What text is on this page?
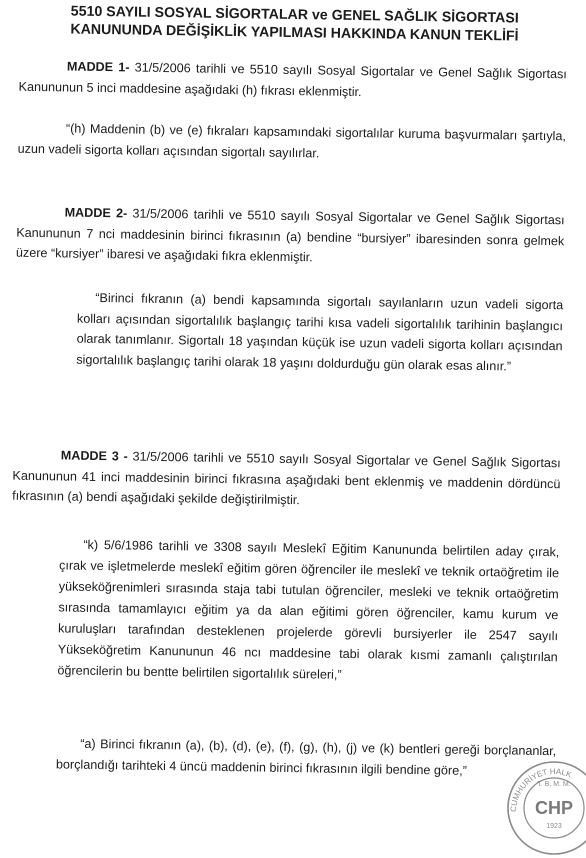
5510 SAYILI SOSYAL SİGORTALAR ve GENEL SAĞLIK SİGORTASI
KANUNUNDA DEĞİŞİKLİK YAPILMASI HAKKINDA KANUN TEKLİFİ
MADDE 1- 31/5/2006 tarihli ve 5510 sayılı Sosyal Sigortalar ve Genel Sağlık Sigortası Kanununun 5 inci maddesine aşağıdaki (h) fıkrası eklenmiştir.
“(h) Maddenin (b) ve (e) fıkraları kapsamındaki sigortalılar kuruma başvurmaları şartıyla, uzun vadeli sigorta kolları açısından sigortalı sayılırlar.
MADDE 2- 31/5/2006 tarihli ve 5510 sayılı Sosyal Sigortalar ve Genel Sağlık Sigortası Kanununun 7 nci maddesinin birinci fıkrasının (a) bendine “bursiyer” ibaresinden sonra gelmek üzere “kursiyer” ibaresi ve aşağıdaki fıkra eklenmiştir.
“Birinci fıkranın (a) bendi kapsamında sigortalı sayılanların uzun vadeli sigorta kolları açısından sigortalılık başlangıç tarihi kısa vadeli sigortalılık tarihinin başlangıcı olarak tanımlanır. Sigortalı 18 yaşından küçük ise uzun vadeli sigorta kolları açısından sigortalılık başlangıç tarihi olarak 18 yaşını doldurduğu gün olarak esas alınır.”
MADDE 3 - 31/5/2006 tarihli ve 5510 sayılı Sosyal Sigortalar ve Genel Sağlık Sigortası Kanununun 41 inci maddesinin birinci fıkrasına aşağıdaki bent eklenmiş ve maddenin dördüncü fıkrasının (a) bendi aşağıdaki şekilde değiştirilmiştir.
“k) 5/6/1986 tarihli ve 3308 sayılı Meslekî Eğitim Kanununda belirtilen aday çırak, çırak ve işletmelerde meslekî eğitim gören öğrenciler ile meslekî ve teknik ortaöğretim ile yükseköğrenimleri sırasında staja tabi tutulan öğrenciler, mesleki ve teknik ortaöğretim sırasında tamamlayıcı eğitim ya da alan eğitimi gören öğrenciler, kamu kurum ve kuruluşları tarafından desteklenen projelerde görevli bursiyerler ile 2547 sayılı Yükseköğretim Kanununun 46 ncı maddesine tabi olarak kısmi zamanlı çalıştırılan öğrencilerin bu bentte belirtilen sigortalılık süreleri,”
“a) Birinci fıkranın (a), (b), (d), (e), (f), (g), (h), (j) ve (k) bentleri gereği borçlananlar, borçlandığı tarihteki 4 üncü maddenin birinci fıkrasının ilgili bendine göre,”
CUMHURİYET HALK
T. B. M. M.
CHP
1923
